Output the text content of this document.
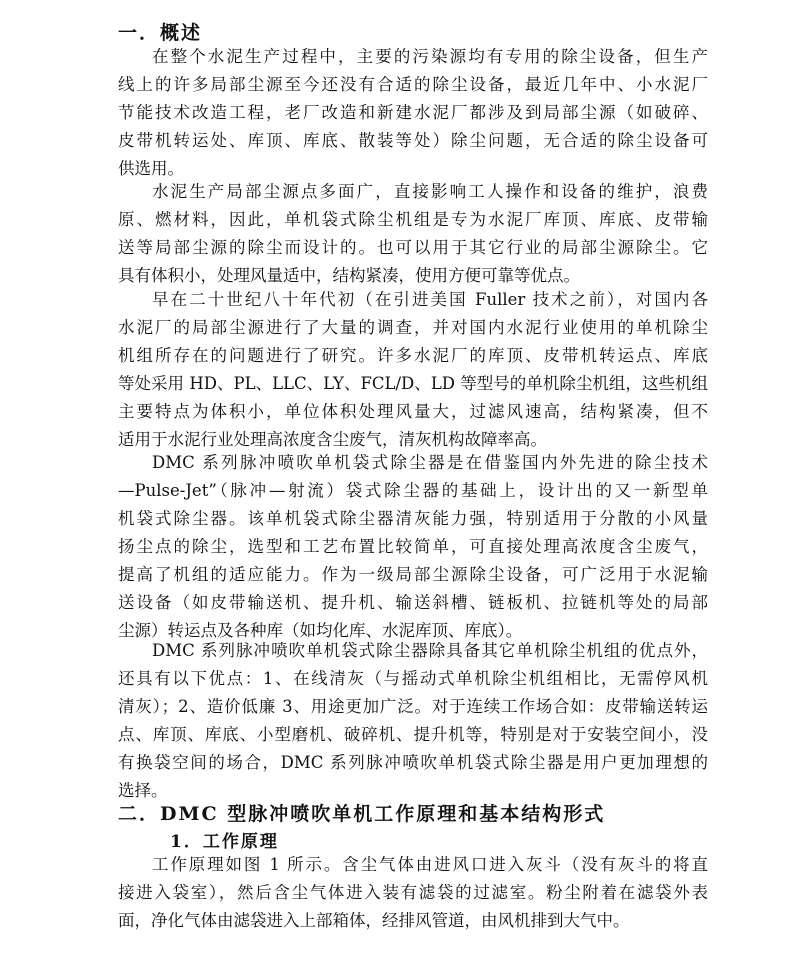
一．概述
在整个水泥生产过程中，主要的污染源均有专用的除尘设备，但生产
线上的许多局部尘源至今还没有合适的除尘设备，最近几年中、小水泥厂
节能技术改造工程，老厂改造和新建水泥厂都涉及到局部尘源（如破碎、
皮带机转运处、库顶、库底、散装等处）除尘问题，无合适的除尘设备可
供选用。
水泥生产局部尘源点多面广，直接影响工人操作和设备的维护，浪费
原、燃材料，因此，单机袋式除尘机组是专为水泥厂库顶、库底、皮带输
送等局部尘源的除尘而设计的。也可以用于其它行业的局部尘源除尘。它
具有体积小，处理风量适中，结构紧凑，使用方便可靠等优点。
早在二十世纪八十年代初（在引进美国 Fuller 技术之前），对国内各
水泥厂的局部尘源进行了大量的调查，并对国内水泥行业使用的单机除尘
机组所存在的问题进行了研究。许多水泥厂的库顶、皮带机转运点、库底
等处采用 HD、PL、LLC、LY、FCL/D、LD 等型号的单机除尘机组，这些机组
主要特点为体积小，单位体积处理风量大，过滤风速高，结构紧凑，但不
适用于水泥行业处理高浓度含尘废气，清灰机构故障率高。
DMC 系列脉冲喷吹单机袋式除尘器是在借鉴国内外先进的除尘技术
—Pulse-Jet”（脉冲—射流）袋式除尘器的基础上，设计出的又一新型单
机袋式除尘器。该单机袋式除尘器清灰能力强，特别适用于分散的小风量
扬尘点的除尘，选型和工艺布置比较简单，可直接处理高浓度含尘废气，
提高了机组的适应能力。作为一级局部尘源除尘设备，可广泛用于水泥输
送设备（如皮带输送机、提升机、输送斜槽、链板机、拉链机等处的局部
尘源）转运点及各种库（如均化库、水泥库顶、库底）。
DMC 系列脉冲喷吹单机袋式除尘器除具备其它单机除尘机组的优点外，
还具有以下优点：1、在线清灰（与摇动式单机除尘机组相比，无需停风机
清灰）；2、造价低廉 3、用途更加广泛。对于连续工作场合如：皮带输送转运
点、库顶、库底、小型磨机、破碎机、提升机等，特别是对于安装空间小，没
有换袋空间的场合，DMC 系列脉冲喷吹单机袋式除尘器是用户更加理想的
选择。
二．DMC 型脉冲喷吹单机工作原理和基本结构形式
1．工作原理
工作原理如图 1 所示。含尘气体由进风口进入灰斗（没有灰斗的将直
接进入袋室），然后含尘气体进入装有滤袋的过滤室。粉尘附着在滤袋外表
面，净化气体由滤袋进入上部箱体，经排风管道，由风机排到大气中。
